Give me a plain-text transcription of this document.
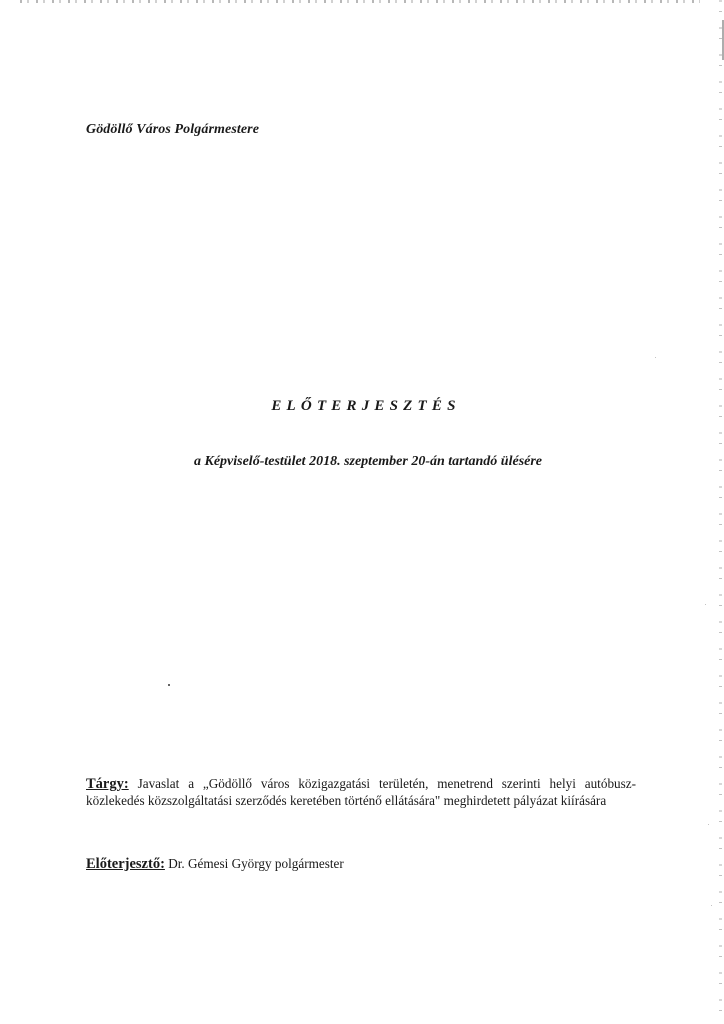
Gödöllő Város Polgármestere
ELŐTERJESZTÉS
a Képviselő-testület 2018. szeptember 20-án tartandó ülésére
Tárgy: Javaslat a „Gödöllő város közigazgatási területén, menetrend szerinti helyi autóbusz-közlekedés közszolgáltatási szerződés keretében történő ellátására" meghirdetett pályázat kiírására
Előterjesztő: Dr. Gémesi György polgármester
